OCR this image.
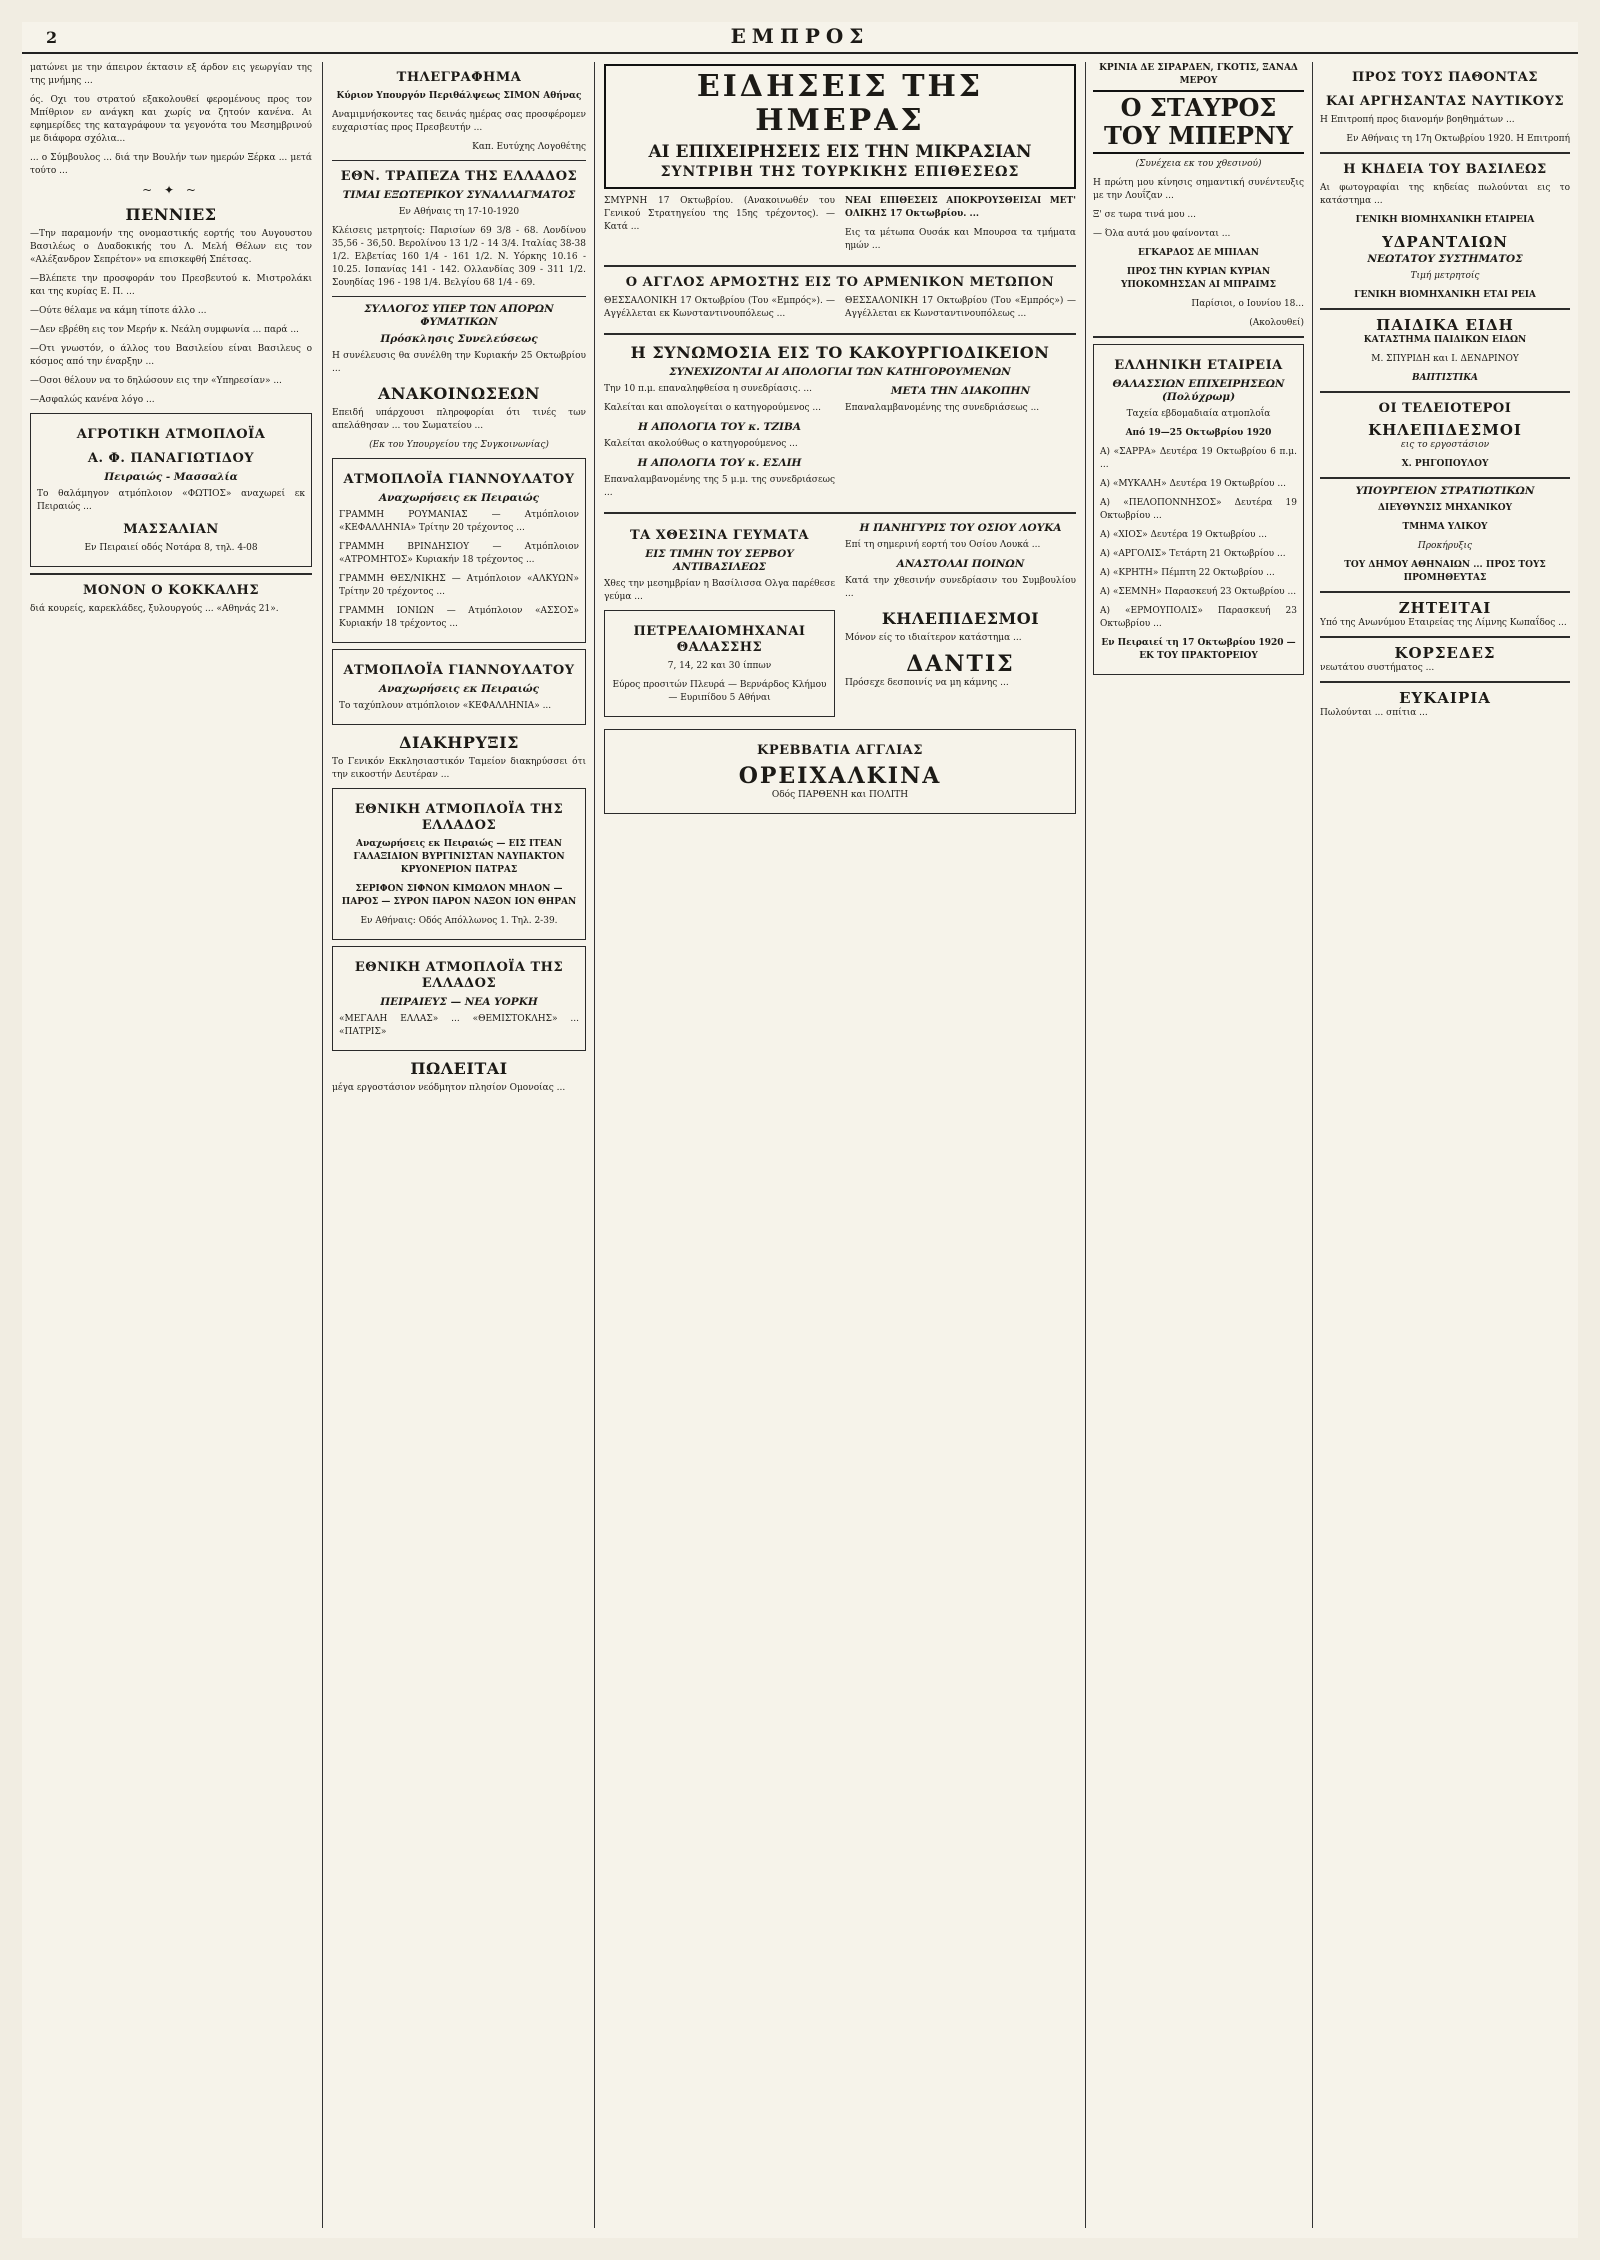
2	ΕΜΠΡΟΣ

ματώνει με την άπειρον έκτασιν εξ άρδον εις γεωργίαν της της μνήμης ...

ός. Οχι του στρατού εξακολουθεί φερομένους προς τον Μπίθριον εν ανάγκη και χωρίς να ζητούν κανένα. Αι εφημερίδες της καταγράφουν τα γεγονότα του Μεσημβρινού με διάφορα σχόλια...

... ο Σύμβουλος ... διά την Βουλήν των ημερών Ξέρκα ... μετά τούτο ...

~ ✦ ~
ΠΕΝΝΙΕΣ

—Την παραμονήν της ονομαστικής εορτής του Αυγουστου Βασιλέως ο Δυαδοκικής του Λ. Μελή Θέλων εις τον «Αλέξανδρον Σεπρέτον» να επισκεφθή Σπέτσας.

—Βλέπετε την προσφοράν του Πρεσβευτού κ. Μιστρολάκι και της κυρίας Ε. Π. ...

—Ούτε θέλαμε να κάμη τίποτε άλλο ...

—Δεν εβρέθη εις τον Μερήν κ. Νεάλη συμφωνία ... παρά ...

—Οτι γνωστόν, ο άλλος του Βασιλείου είναι Βασιλευς ο κόσμος από την έναρξην ...

—Οσοι θέλουν να το δηλώσουν εις την «Υπηρεσίαν» ...

—Ασφαλώς κανένα λόγο ...

ΑΓΡΟΤΙΚΗ ΑΤΜΟΠΛΟΪΑ
Α. Φ. ΠΑΝΑΓΙΩΤΙΔΟΥ
Πειραιώς - Μασσαλία

Το θαλάμηγον ατμόπλοιον «ΦΩΤΙΟΣ» αναχωρεί εκ Πειραιώς ...

ΜΑΣΣΑΛΙΑΝ

Εν Πειραιεί οδός Νοτάρα 8, τηλ. 4-08

ΜΟΝΟΝ Ο ΚΟΚΚΑΛΗΣ

διά κουρείς, καρεκλάδες, ξυλουργούς ... «Αθηνάς 21».

ΤΗΛΕΓΡΑΦΗΜΑ

Κύριον Υπουργόν Περιθάλψεως ΣΙΜΟΝ Αθήνας

Αναμιμνήσκοντες τας δεινάς ημέρας σας προσφέρομεν ευχαριστίας προς Πρεσβευτήν ...

Καπ. Ευτύχης Λογοθέτης

ΕΘΝ. ΤΡΑΠΕΖΑ ΤΗΣ ΕΛΛΑΔΟΣ
ΤΙΜΑΙ ΕΞΩΤΕΡΙΚΟΥ ΣΥΝΑΛΛΑΓΜΑΤΟΣ

Εν Αθήναις τη 17-10-1920

Κλέισεις μετρητοίς: Παρισίων 69 3/8 - 68. Λονδίνου 35,56 - 36,50. Βερολίνου 13 1/2 - 14 3/4. Ιταλίας 38-38 1/2. Ελβετίας 160 1/4 - 161 1/2. Ν. Υόρκης 10.16 - 10.25. Ισπανίας 141 - 142. Ολλανδίας 309 - 311 1/2. Σουηδίας 196 - 198 1/4. Βελγίου 68 1/4 - 69.

ΣΥΛΛΟΓΟΣ ΥΠΕΡ ΤΩΝ ΑΠΟΡΩΝ ΦΥΜΑΤΙΚΩΝ
Πρόσκλησις Συνελεύσεως

Η συνέλευσις θα συνέλθη την Κυριακήν 25 Οκτωβρίου ...

ΑΝΑΚΟΙΝΩΣΕΩΝ

Επειδή υπάρχουσι πληροφορίαι ότι τινές των απελάθησαν ... του Σωματείου ...

(Εκ του Υπουργείου της Συγκοινωνίας)

ΑΤΜΟΠΛΟΪΑ ΓΙΑΝΝΟΥΛΑΤΟΥ
Αναχωρήσεις εκ Πειραιώς

ΓΡΑΜΜΗ ΡΟΥΜΑΝΙΑΣ — Ατμόπλοιον «ΚΕΦΑΛΛΗΝΙΑ» Τρίτην 20 τρέχοντος ...

ΓΡΑΜΜΗ ΒΡΙΝΔΗΣΙΟΥ — Ατμόπλοιον «ΑΤΡΟΜΗΤΟΣ» Κυριακήν 18 τρέχοντος ...

ΓΡΑΜΜΗ ΘΕΣ/ΝΙΚΗΣ — Ατμόπλοιον «ΑΛΚΥΩΝ» Τρίτην 20 τρέχοντος ...

ΓΡΑΜΜΗ ΙΟΝΙΩΝ — Ατμόπλοιον «ΑΣΣΟΣ» Κυριακήν 18 τρέχοντος ...

ΑΤΜΟΠΛΟΪΑ ΓΙΑΝΝΟΥΛΑΤΟΥ
Αναχωρήσεις εκ Πειραιώς

Το ταχύπλουν ατμόπλοιον «ΚΕΦΑΛΛΗΝΙΑ» ...

ΔΙΑΚΗΡΥΞΙΣ

Το Γενικόν Εκκλησιαστικόν Ταμείον διακηρύσσει ότι την εικοστήν Δευτέραν ...

ΕΘΝΙΚΗ ΑΤΜΟΠΛΟΪΑ ΤΗΣ ΕΛΛΑΔΟΣ

Αναχωρήσεις εκ Πειραιώς — ΕΙΣ ΙΤΕΑΝ ΓΑΛΑΞΙΔΙΟΝ ΒΥΡΓΙΝΙΣΤΑΝ ΝΑΥΠΑΚΤΟΝ ΚΡΥΟΝΕΡΙΟΝ ΠΑΤΡΑΣ

ΣΕΡΙΦΟΝ ΣΙΦΝΟΝ ΚΙΜΩΛΟΝ ΜΗΛΟΝ — ΠΑΡΟΣ — ΣΥΡΟΝ ΠΑΡΟΝ ΝΑΞΟΝ ΙΟΝ ΘΗΡΑΝ

Εν Αθήναις: Οδός Απόλλωνος 1. Τηλ. 2-39.

ΕΘΝΙΚΗ ΑΤΜΟΠΛΟΪΑ ΤΗΣ ΕΛΛΑΔΟΣ
ΠΕΙΡΑΙΕΥΣ — ΝΕΑ ΥΟΡΚΗ

«ΜΕΓΑΛΗ ΕΛΛΑΣ» ... «ΘΕΜΙΣΤΟΚΛΗΣ» ... «ΠΑΤΡΙΣ»

ΠΩΛΕΙΤΑΙ

μέγα εργοστάσιον νεόδμητον πλησίον Ομονοίας ...

ΕΙΔΗΣΕΙΣ ΤΗΣ ΗΜΕΡΑΣ
ΑΙ ΕΠΙΧΕΙΡΗΣΕΙΣ ΕΙΣ ΤΗΝ ΜΙΚΡΑΣΙΑΝ
ΣΥΝΤΡΙΒΗ ΤΗΣ ΤΟΥΡΚΙΚΗΣ ΕΠΙΘΕΣΕΩΣ

ΣΜΥΡΝΗ 17 Οκτωβρίου. (Ανακοινωθέν του Γενικού Στρατηγείου της 15ης τρέχοντος). — Κατά ...

ΝΕΑΙ ΕΠΙΘΕΣΕΙΣ ΑΠΟΚΡΟΥΣΘΕΙΣΑΙ ΜΕΤ' ΟΛΙΚΗΣ 17 Οκτωβρίου. ...

Εις τα μέτωπα Ουσάκ και Μπουρσα τα τμήματα ημών ...

Ο ΑΓΓΛΟΣ ΑΡΜΟΣΤΗΣ ΕΙΣ ΤΟ ΑΡΜΕΝΙΚΟΝ ΜΕΤΩΠΟΝ

ΘΕΣΣΑΛΟΝΙΚΗ 17 Οκτωβρίου (Του «Εμπρός»). — Αγγέλλεται εκ Κωνσταντινουπόλεως ...

ΘΕΣΣΑΛΟΝΙΚΗ 17 Οκτωβρίου (Του «Εμπρός») — Αγγέλλεται εκ Κωνσταντινουπόλεως ...

Η ΣΥΝΩΜΟΣΙΑ ΕΙΣ ΤΟ ΚΑΚΟΥΡΓΙΟΔΙΚΕΙΟΝ
ΣΥΝΕΧΙΖΟΝΤΑΙ ΑΙ ΑΠΟΛΟΓΙΑΙ ΤΩΝ ΚΑΤΗΓΟΡΟΥΜΕΝΩΝ

Την 10 π.μ. επαναληφθείσα η συνεδρίασις. ...

Καλείται και απολογείται ο κατηγορούμενος ...

Η ΑΠΟΛΟΓΙΑ ΤΟΥ κ. ΤΖΙΒΑ

Καλείται ακολούθως ο κατηγορούμενος ...

Η ΑΠΟΛΟΓΙΑ ΤΟΥ κ. ΕΣΛΙΗ

Επαναλαμβανομένης της 5 μ.μ. της συνεδριάσεως ...

ΜΕΤΑ ΤΗΝ ΔΙΑΚΟΠΗΝ

Επαναλαμβανομένης της συνεδριάσεως ...

ΤΑ ΧΘΕΣΙΝΑ ΓΕΥΜΑΤΑ
ΕΙΣ ΤΙΜΗΝ ΤΟΥ ΣΕΡΒΟΥ ΑΝΤΙΒΑΣΙΛΕΩΣ

Χθες την μεσημβρίαν η Βασίλισσα Ολγα παρέθεσε γεύμα ...

ΠΕΤΡΕΛΑΙΟΜΗΧΑΝΑΙ ΘΑΛΑΣΣΗΣ

7, 14, 22 και 30 ίππων

Εύρος προσιτών Πλευρά — Βερνάρδος Κλήμου — Ευριπίδου 5 Αθήναι

Η ΠΑΝΗΓΥΡΙΣ ΤΟΥ ΟΣΙΟΥ ΛΟΥΚΑ

Επί τη σημερινή εορτή του Οσίου Λουκά ...

ΑΝΑΣΤΟΛΑΙ ΠΟΙΝΩΝ

Κατά την χθεσινήν συνεδρίασιν του Συμβουλίου ...

ΚΗΛΕΠΙΔΕΣΜΟΙ

Μόνον είς το ιδιαίτερον κατάστημα ...

ΔΑΝΤΙΣ

Πρόσεχε δεσποινίς να μη κάμνης ...

ΚΡΕΒΒΑΤΙΑ ΑΓΓΛΙΑΣ
ΟΡΕΙΧΑΛΚΙΝΑ

Οδός ΠΑΡΘΕΝΗ και ΠΟΛΙΤΗ

ΚΡΙΝΙΑ ΔΕ ΣΙΡΑΡΔΕΝ, ΓΚΟΤΙΣ, ΞΑΝΑΔ ΜΕΡΟΥ
Ο ΣΤΑΥΡΟΣ ΤΟΥ ΜΠΕΡΝΥ

(Συνέχεια εκ του χθεσινού)

Η πρώτη μου κίνησις σημαντική συνέντευξις με την Λουΐζαν ...

Ξ' σε τωρα τινά μου ...

— Όλα αυτά μου φαίνονται ...

ΕΓΚΑΡΔΟΣ ΔΕ ΜΠΙΛΑΝ

ΠΡΟΣ ΤΗΝ ΚΥΡΙΑΝ ΚΥΡΙΑΝ ΥΠΟΚΟΜΗΣΣΑΝ ΑΙ ΜΠΡΑΙΜΣ

Παρίσιοι, ο Ιουνίου 18...

(Ακολουθεί)

ΕΛΛΗΝΙΚΗ ΕΤΑΙΡΕΙΑ
ΘΑΛΑΣΣΙΩΝ ΕΠΙΧΕΙΡΗΣΕΩΝ (Πολύχρωμ)

Ταχεία εβδομαδιαία ατμοπλοΐα

Από 19—25 Οκτωβρίου 1920

Α) «ΣΑΡΡΑ» Δευτέρα 19 Οκτωβρίου 6 π.μ. ...

Α) «ΜΥΚΑΛΗ» Δευτέρα 19 Οκτωβρίου ...

Α) «ΠΕΛΟΠΟΝΝΗΣΟΣ» Δευτέρα 19 Οκτωβρίου ...

Α) «ΧΙΟΣ» Δευτέρα 19 Οκτωβρίου ...

Α) «ΑΡΓΟΛΙΣ» Τετάρτη 21 Οκτωβρίου ...

Α) «ΚΡΗΤΗ» Πέμπτη 22 Οκτωβρίου ...

Α) «ΣΕΜΝΗ» Παρασκευή 23 Οκτωβρίου ...

Α) «ΕΡΜΟΥΠΟΛΙΣ» Παρασκευή 23 Οκτωβρίου ...

Εν Πειραιεί τη 17 Οκτωβρίου 1920 — ΕΚ ΤΟΥ ΠΡΑΚΤΟΡΕΙΟΥ

ΠΡΟΣ ΤΟΥΣ ΠΑΘΟΝΤΑΣ
ΚΑΙ ΑΡΓΗΣΑΝΤΑΣ ΝΑΥΤΙΚΟΥΣ

Η Επιτροπή προς διανομήν βοηθημάτων ...

Εν Αθήναις τη 17η Οκτωβρίου 1920. Η Επιτροπή

Η ΚΗΔΕΙΑ ΤΟΥ ΒΑΣΙΛΕΩΣ

Αι φωτογραφίαι της κηδείας πωλούνται εις το κατάστημα ...

ΓΕΝΙΚΗ ΒΙΟΜΗΧΑΝΙΚΗ ΕΤΑΙΡΕΙΑ

ΥΔΡΑΝΤΛΙΩΝ
ΝΕΩΤΑΤΟΥ ΣΥΣΤΗΜΑΤΟΣ

Τιμή μετρητοίς

ΓΕΝΙΚΗ ΒΙΟΜΗΧΑΝΙΚΗ ΕΤΑΙ ΡΕΙΑ

ΠΑΙΔΙΚΑ ΕΙΔΗ

ΚΑΤΑΣΤΗΜΑ ΠΑΙΔΙΚΩΝ ΕΙΔΩΝ

Μ. ΣΠΥΡΙΔΗ και Ι. ΔΕΝΔΡΙΝΟΥ

ΒΑΠΤΙΣΤΙΚΑ

ΟΙ ΤΕΛΕΙΟΤΕΡΟΙ
ΚΗΛΕΠΙΔΕΣΜΟΙ

εις το εργοστάσιον

Χ. ΡΗΓΟΠΟΥΛΟΥ

ΥΠΟΥΡΓΕΙΟΝ ΣΤΡΑΤΙΩΤΙΚΩΝ

ΔΙΕΥΘΥΝΣΙΣ ΜΗΧΑΝΙΚΟΥ

ΤΜΗΜΑ ΥΛΙΚΟΥ

Προκήρυξις

ΤΟΥ ΔΗΜΟΥ ΑΘΗΝΑΙΩΝ ... ΠΡΟΣ ΤΟΥΣ ΠΡΟΜΗΘΕΥΤΑΣ

ΖΗΤΕΙΤΑΙ

Υπό της Ανωνύμου Εταιρείας της Λίμνης Κωπαΐδος ...

ΚΟΡΣΕΔΕΣ

νεωτάτου συστήματος ...

ΕΥΚΑΙΡΙΑ

Πωλούνται ... σπίτια ...
